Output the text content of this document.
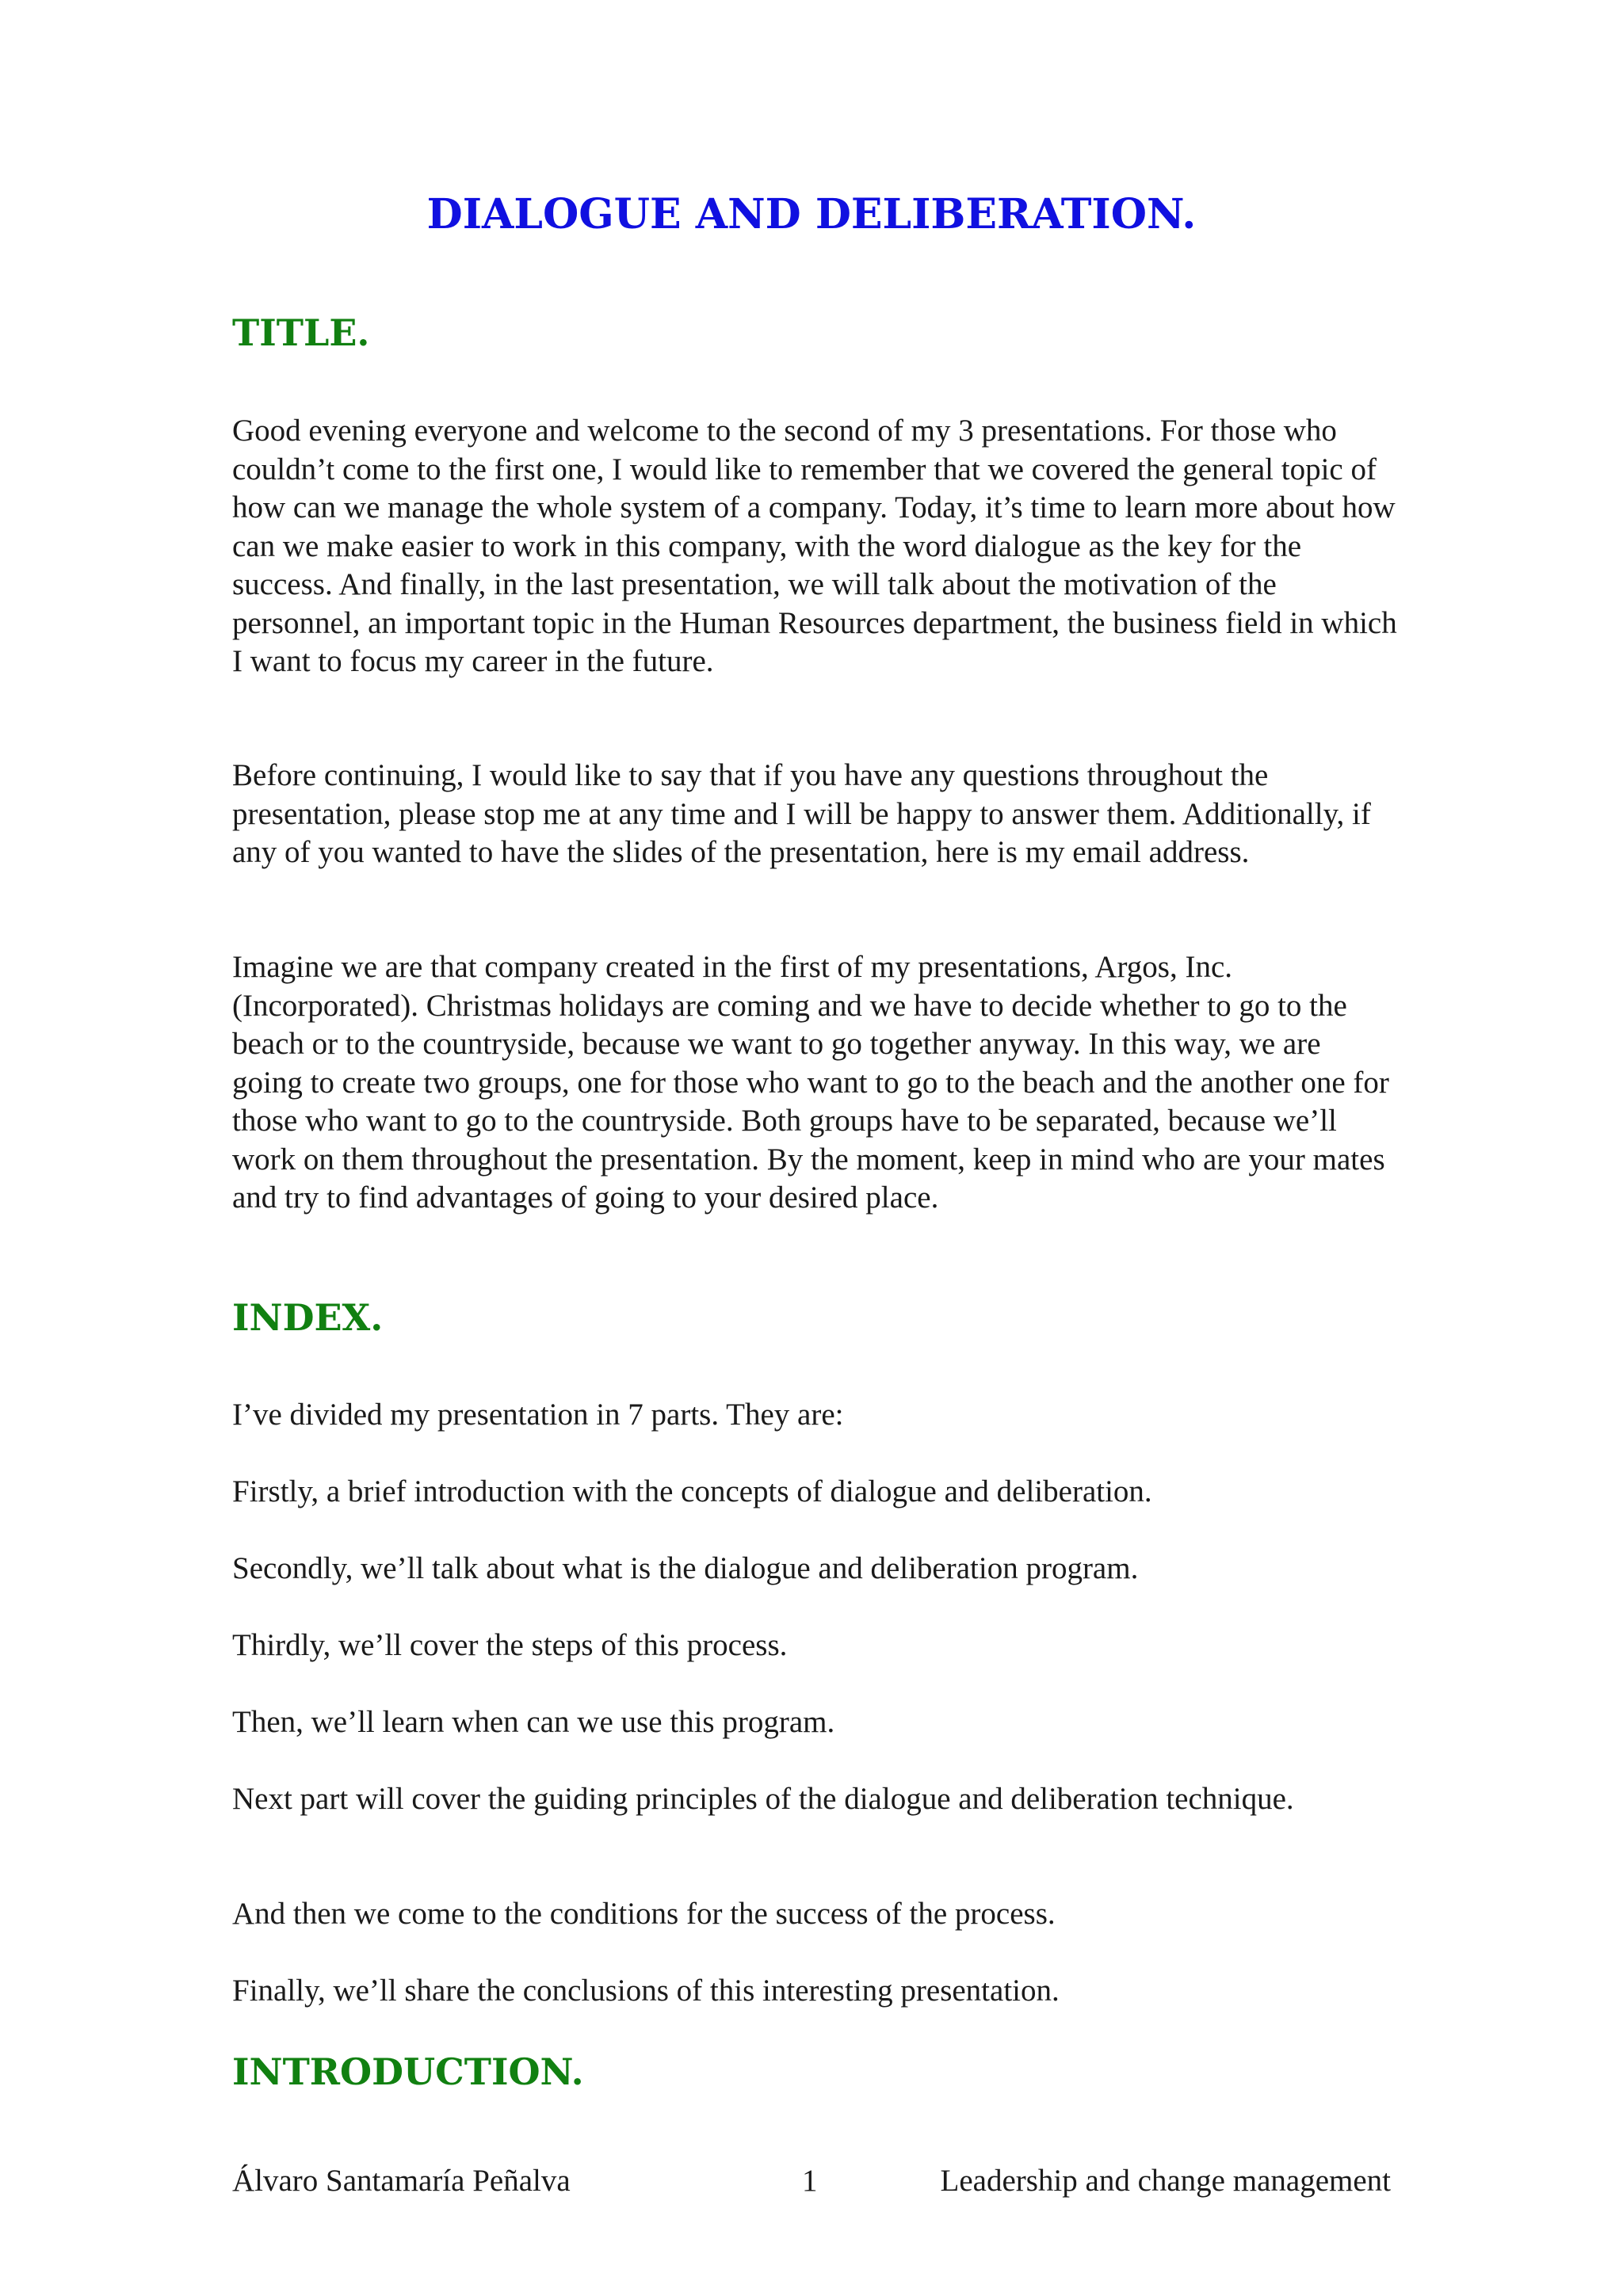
DIALOGUE AND DELIBERATION.
TITLE.

Good evening everyone and welcome to the second of my 3 presentations. For those who couldn’t come to the first one, I would like to remember that we covered the general topic of how can we manage the whole system of a company. Today, it’s time to learn more about how can we make easier to work in this company, with the word dialogue as the key for the success. And finally, in the last presentation, we will talk about the motivation of the personnel, an important topic in the Human Resources department, the business field in which I want to focus my career in the future.

Before continuing, I would like to say that if you have any questions throughout the presentation, please stop me at any time and I will be happy to answer them. Additionally, if any of you wanted to have the slides of the presentation, here is my email address.

Imagine we are that company created in the first of my presentations, Argos, Inc. (Incorporated). Christmas holidays are coming and we have to decide whether to go to the beach or to the countryside, because we want to go together anyway. In this way, we are going to create two groups, one for those who want to go to the beach and the another one for those who want to go to the countryside. Both groups have to be separated, because we’ll work on them throughout the presentation. By the moment, keep in mind who are your mates and try to find advantages of going to your desired place.

INDEX.

I’ve divided my presentation in 7 parts. They are:

Firstly, a brief introduction with the concepts of dialogue and deliberation.

Secondly, we’ll talk about what is the dialogue and deliberation program.

Thirdly, we’ll cover the steps of this process.

Then, we’ll learn when can we use this program.

Next part will cover the guiding principles of the dialogue and deliberation technique.

And then we come to the conditions for the success of the process.

Finally, we’ll share the conclusions of this interesting presentation.

INTRODUCTION.
Álvaro Santamaría Peñalva	1	Leadership and change management
